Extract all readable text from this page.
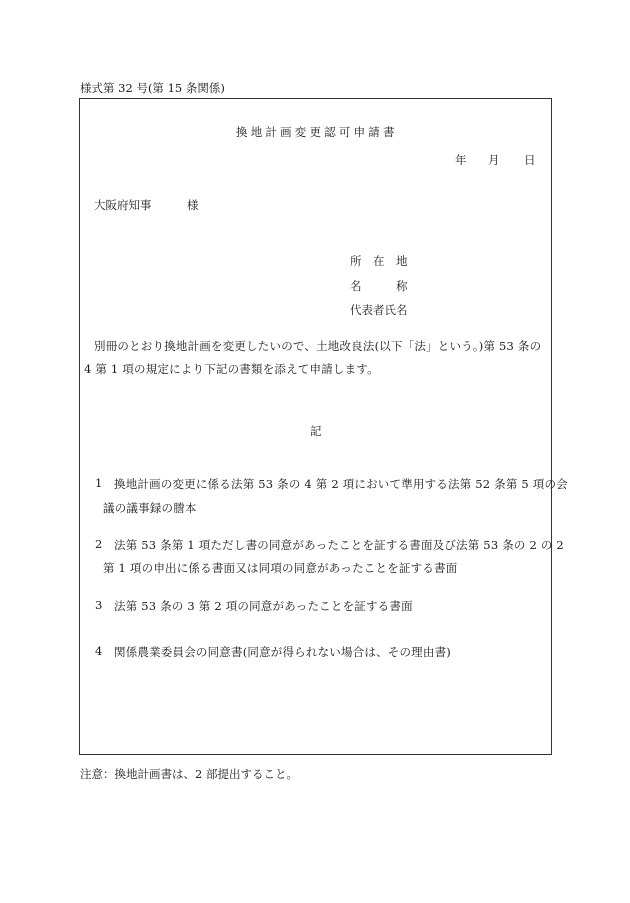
様式第 32 号(第 15 条関係)
換地計画変更認可申請書
年 月 日
大阪府知事	様
所　在　地
名　　　称
代表者氏名
別冊のとおり換地計画を変更したいので、土地改良法(以下「法」という。)第 53 条の
4 第 1 項の規定により下記の書類を添えて申請します。
記
1 換地計画の変更に係る法第 53 条の 4 第 2 項において準用する法第 52 条第 5 項の会
議の議事録の謄本
2 法第 53 条第 1 項ただし書の同意があったことを証する書面及び法第 53 条の 2 の 2
第 1 項の申出に係る書面又は同項の同意があったことを証する書面
3 法第 53 条の 3 第 2 項の同意があったことを証する書面
4 関係農業委員会の同意書(同意が得られない場合は、その理由書)
注意：換地計画書は、2 部提出すること。
